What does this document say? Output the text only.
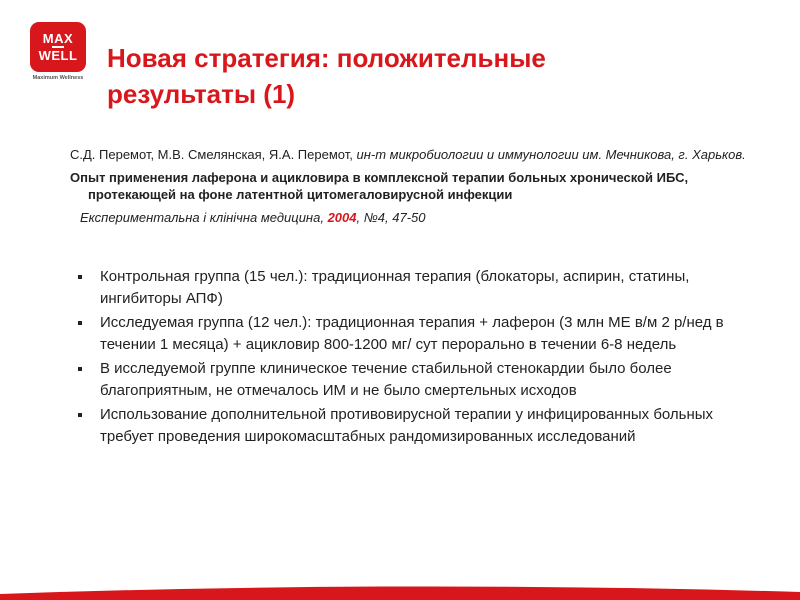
MAX
WELL
Maximum Wellness
Новая стратегия: положительные
результаты (1)

С.Д. Перемот, М.В. Смелянская, Я.А. Перемот, ин-т микробиологии и иммунологии им. Мечникова, г. Харьков.

Опыт применения лаферона и ацикловира в комплексной терапии больных хронической ИБС, протекающей на фоне латентной цитомегаловирусной инфекции

Експериментальна і клінічна медицина, 2004, №4, 47-50

Контрольная группа (15 чел.): традиционная терапия (блокаторы, аспирин, статины, ингибиторы АПФ)
Исследуемая группа (12 чел.): традиционная терапия + лаферон (3 млн МЕ в/м 2 р/нед в течении 1 месяца) + ацикловир 800-1200 мг/ сут перорально в течении 6-8 недель
В исследуемой группе клиническое течение стабильной стенокардии было более благоприятным, не отмечалось ИМ и не было смертельных исходов
Использование дополнительной противовирусной терапии у инфицированных больных требует проведения широкомасштабных рандомизированных исследований
